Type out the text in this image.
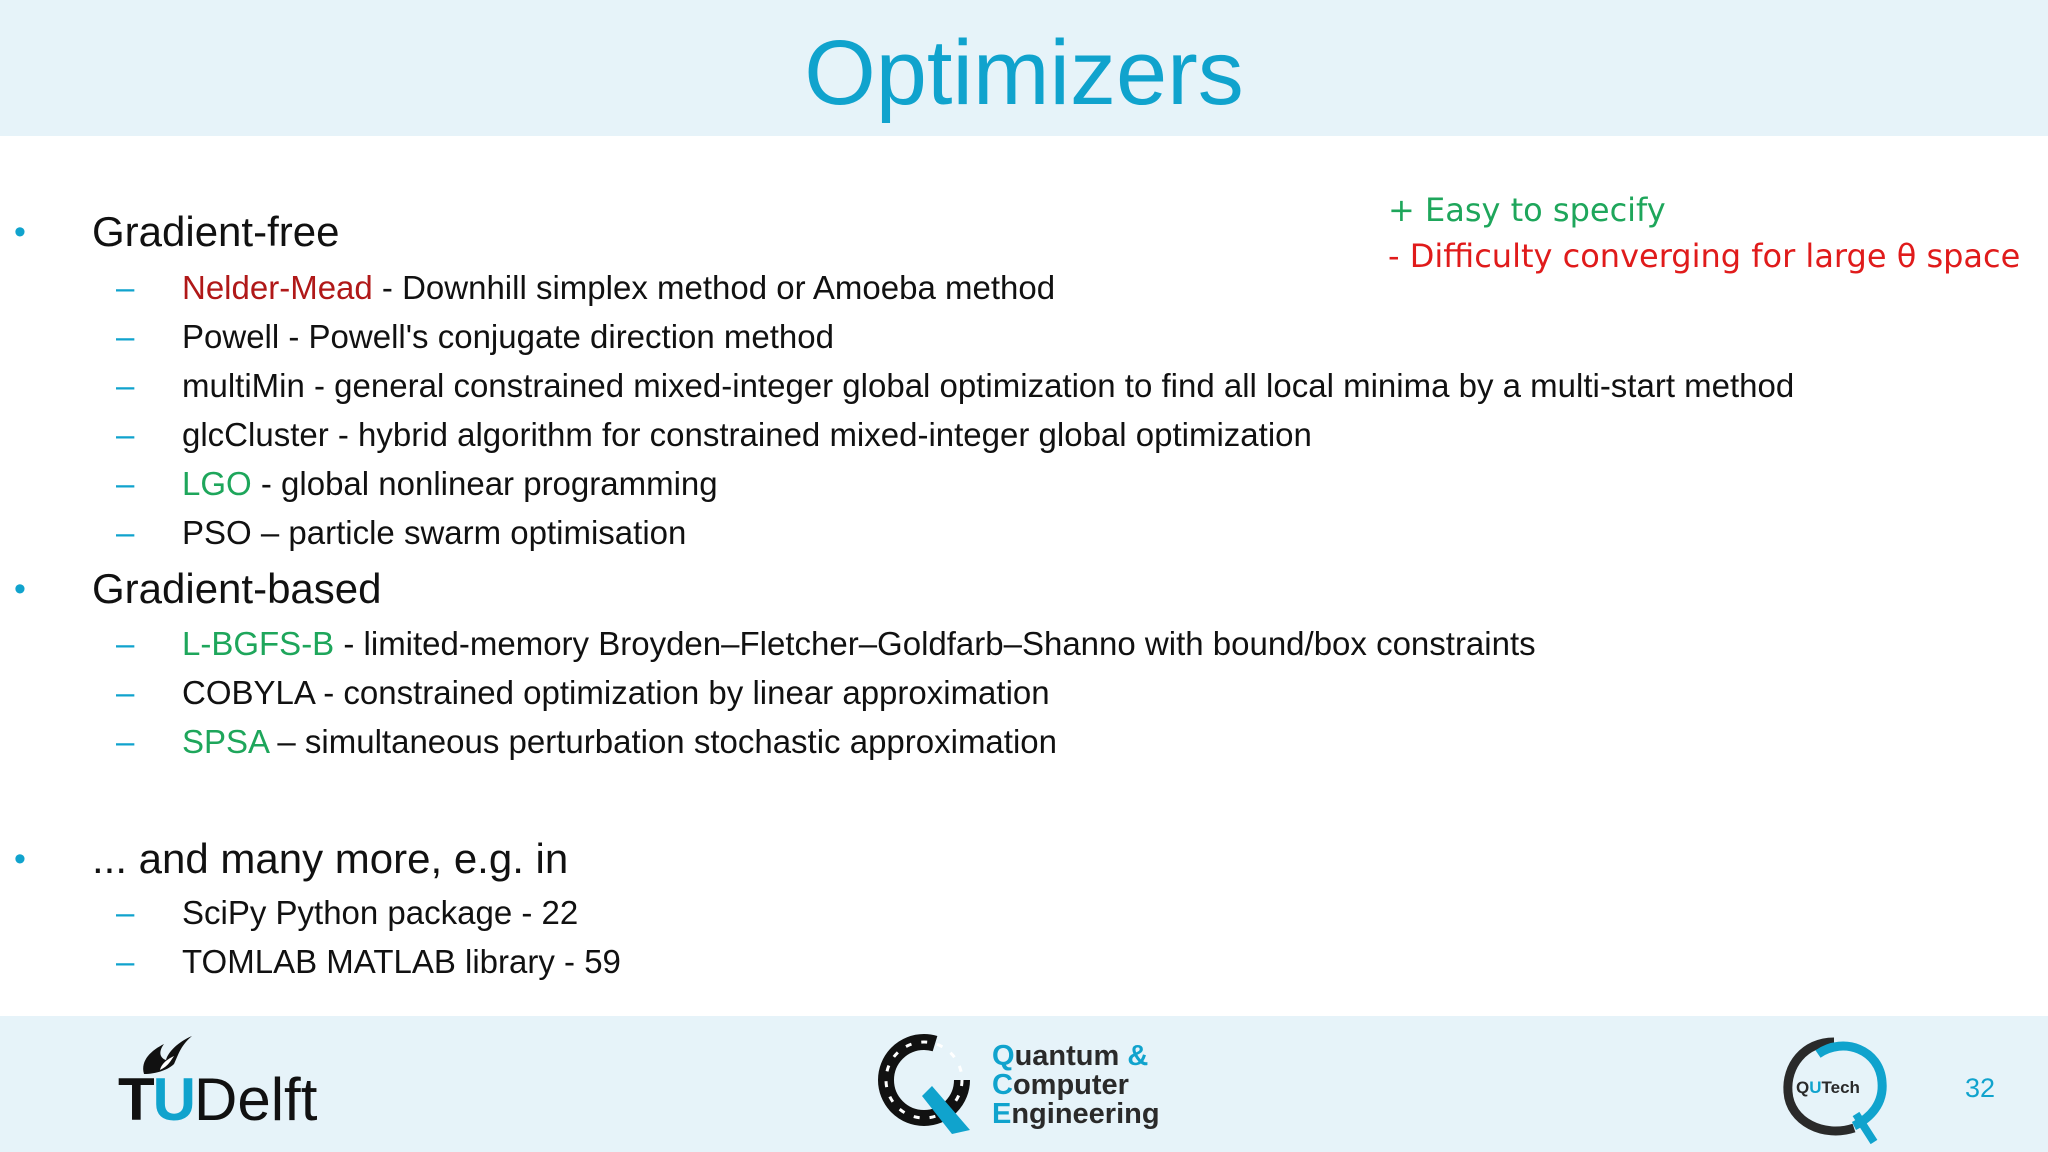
Optimizers
+ Easy to specify
- Difficulty converging for large θ space
• Gradient-free
– Nelder-Mead - Downhill simplex method or Amoeba method
– Powell - Powell's conjugate direction method
– multiMin - general constrained mixed-integer global optimization to find all local minima by a multi-start method
– glcCluster - hybrid algorithm for constrained mixed-integer global optimization
– LGO - global nonlinear programming
– PSO – particle swarm optimisation
• Gradient-based
– L-BGFS-B - limited-memory Broyden–Fletcher–Goldfarb–Shanno with bound/box constraints
– COBYLA - constrained optimization by linear approximation
– SPSA – simultaneous perturbation stochastic approximation
• ... and many more, e.g. in
– SciPy Python package - 22
– TOMLAB MATLAB library - 59
TUDelft
Quantum &
Computer
Engineering
QUTech	32
